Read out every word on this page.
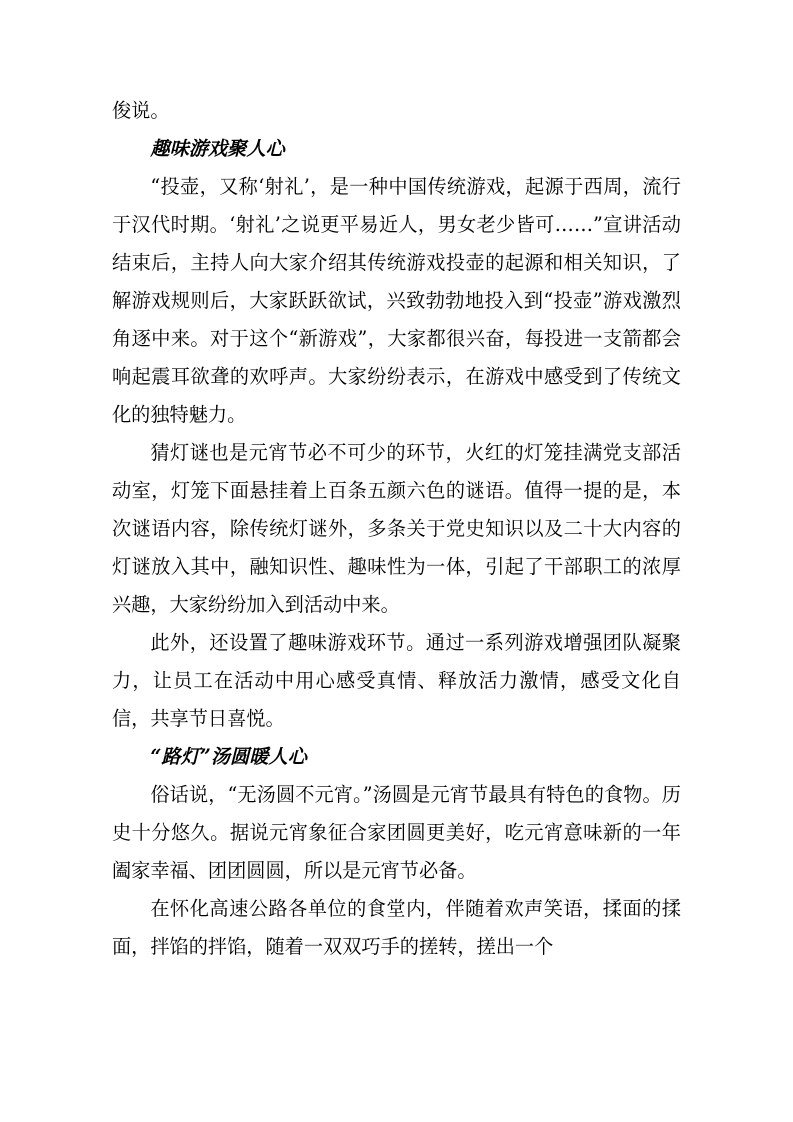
俊说。

趣味游戏聚人心

“投壶，又称‘射礼’，是一种中国传统游戏，起源于西周，流行于汉代时期。‘射礼’之说更平易近人，男女老少皆可……”宣讲活动结束后，主持人向大家介绍其传统游戏投壶的起源和相关知识，了解游戏规则后，大家跃跃欲试，兴致勃勃地投入到“投壶”游戏激烈角逐中来。对于这个“新游戏”，大家都很兴奋，每投进一支箭都会响起震耳欲聋的欢呼声。大家纷纷表示，在游戏中感受到了传统文化的独特魅力。

猜灯谜也是元宵节必不可少的环节，火红的灯笼挂满党支部活动室，灯笼下面悬挂着上百条五颜六色的谜语。值得一提的是，本次谜语内容，除传统灯谜外，多条关于党史知识以及二十大内容的灯谜放入其中，融知识性、趣味性为一体，引起了干部职工的浓厚兴趣，大家纷纷加入到活动中来。

此外，还设置了趣味游戏环节。通过一系列游戏增强团队凝聚力，让员工在活动中用心感受真情、释放活力激情，感受文化自信，共享节日喜悦。

“路灯”汤圆暖人心

俗话说，“无汤圆不元宵。”汤圆是元宵节最具有特色的食物。历史十分悠久。据说元宵象征合家团圆更美好，吃元宵意味新的一年阖家幸福、团团圆圆，所以是元宵节必备。

在怀化高速公路各单位的食堂内，伴随着欢声笑语，揉面的揉面，拌馅的拌馅，随着一双双巧手的搓转，搓出一个
